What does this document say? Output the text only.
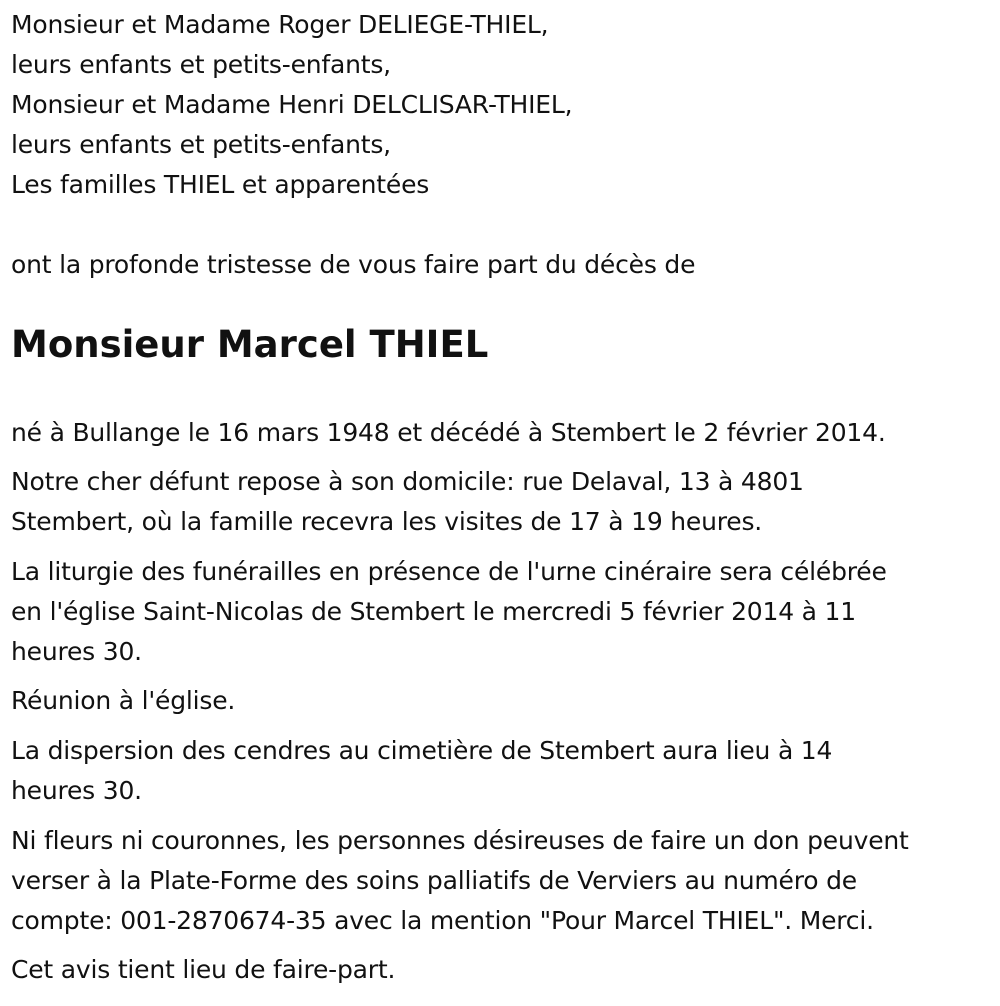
Monsieur et Madame Roger DELIEGE-THIEL,
leurs enfants et petits-enfants,
Monsieur et Madame Henri DELCLISAR-THIEL,
leurs enfants et petits-enfants,
Les familles THIEL et apparentées
ont la profonde tristesse de vous faire part du décès de
Monsieur Marcel THIEL
né à Bullange le 16 mars 1948 et décédé à Stembert le 2 février 2014.
Notre cher défunt repose à son domicile: rue Delaval, 13 à 4801
Stembert, où la famille recevra les visites de 17 à 19 heures.
La liturgie des funérailles en présence de l'urne cinéraire sera célébrée
en l'église Saint-Nicolas de Stembert le mercredi 5 février 2014 à 11
heures 30.
Réunion à l'église.
La dispersion des cendres au cimetière de Stembert aura lieu à 14
heures 30.
Ni fleurs ni couronnes, les personnes désireuses de faire un don peuvent
verser à la Plate-Forme des soins palliatifs de Verviers au numéro de
compte: 001-2870674-35 avec la mention "Pour Marcel THIEL". Merci.
Cet avis tient lieu de faire-part.
